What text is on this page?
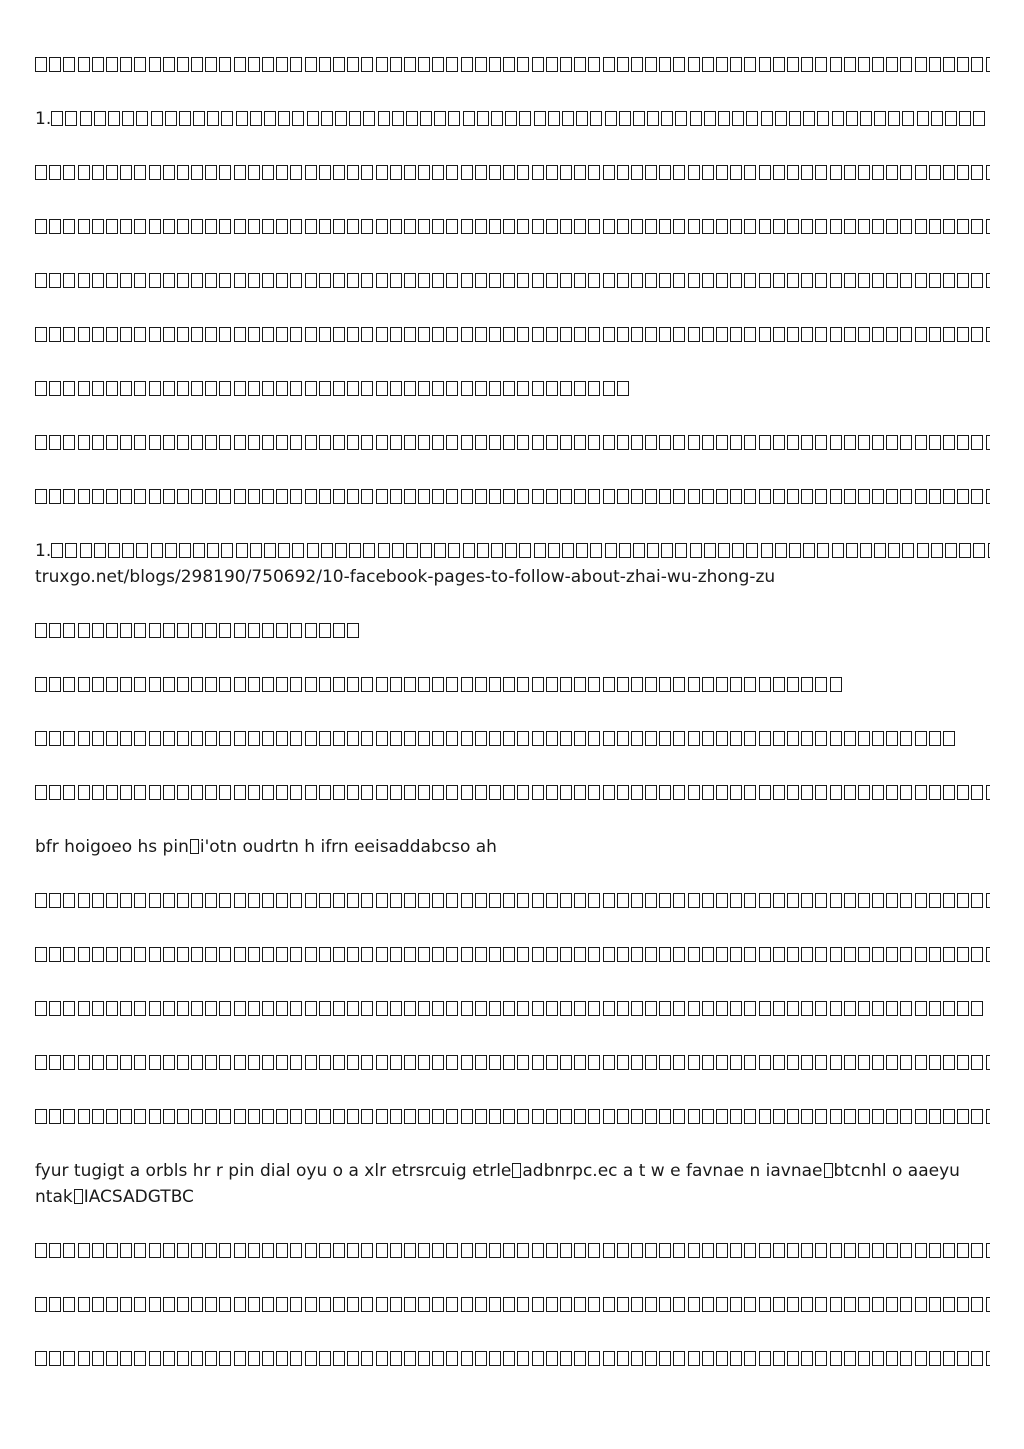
1.

1.
truxgo.net/blogs/298190/750692/10-facebook-pages-to-follow-about-zhai-wu-zhong-zu

bfr hoigoeo hs pin i'otn oudrtn h ifrn eeisaddabcso ah

fyur tugigt a orbls hr r pin dial oyu o a xlr etrsrcuig etrle adbnrpc.ec a t w e favnae n iavnae btcnhl o aaeyu ntak IACSADGTBC
